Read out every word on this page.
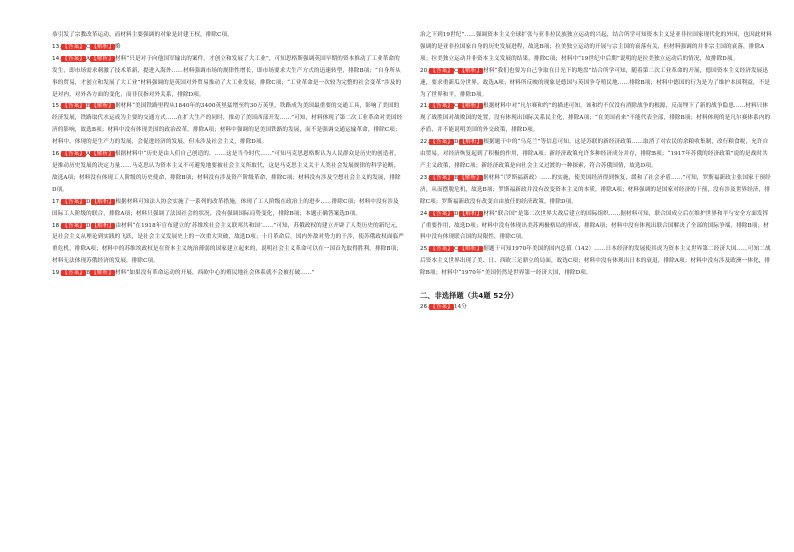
恭引发了宗教改革运动，而材料主要强调的对象是封建王权，排除C项。

13.【答案】C【解析】略

14.【答案】A【解析】材料“只是对于向他国军输出的案件，才创立和发展了大工业”，可知思格斯强调英国早期的资本推动了工业革命的发生，即市场需求刺激了技术革新，提进入海外……材料强调市场的规律性增长，即市场要求大生产方式的迅速转型，排除B项；“自身所从事的贸易，才创立和发展了大工业”材料强调的是英国对外贸易推动了大工业发展，排除C项；“工业革命是一次较为完整的社会变革”涉及的是对内，对外各方面的变化，而非仅指对外关系，排除D项。

15.【答案】B【解析】据材料“美国铁路里程从1840年的3400英里猛增至约30万英里，铁路成为美国最重要的交通工具，影响了美国的经济发展，铁路取代水运成为主要的交通方式……在扩大生产的同时，推动了美国西部开发……”可知，材料体现了第二次工业革命对美国经济的影响，故选B项；材料中没有体现美国的政治改革，排除A项；材料中强调的是美国铁路的发展，而不是强调交通运输革命，排除C项；材料中，体现的是生产力的发展，会促进经济的发展，但未涉及社会主义，排除D项。

16.【答案】A【解析】根据材料中“历史是由人们自己创造的，……这是当今时代……”可知马克思恩格斯认为人民群众是历史的创造者，是推动历史发展的决定力量……马克思认为资本主义不可避免地要被社会主义所取代，这是马克思主义关于人类社会发展规律的科学论断，故选A项；材料没有体现工人阶级的历史使命，排除B项；材料没有涉及资产阶级革命，排除C项；材料没有涉及空想社会主义的发展，排除D项。

17.【答案】D【解析】根据材料可知法人协会实施了一系列的改革措施，体现了工人阶级在政治上的进步……排除C项；材料中没有涉及国际工人阶级的联合，排除A项；材料只强调了法国社会的状况，没有强调国际局势变化，排除B项；本题正确答案选D项。

18.【答案】D【解析】由材料“在1918年宣布建立的‘苏维埃社会主义联邦共和国’……”可知，苏俄政权的建立开辟了人类历史的新纪元，是社会主义从理论到实践的飞跃，是社会主义发展史上的一次重大突破，故选D项；十月革命后，国内外敌对势力的干涉，使苏俄政权面临严重危机，排除A项；材料中的苏维埃政权是在资本主义统治薄弱的国家建立起来的，说明社会主义革命可以在一国首先取得胜利，排除B项；材料无法体现苏俄经济的发展，排除C项。

19.【答案】B【解析】材料“如果没有革命运动的开展，西欧中心的殖民地社会体系就不会被打破……”

治之下到19世纪”……强调资本主义全球扩张与亚非拉民族独立运动的兴起，结合所学可知资本主义是亚非拉国家现代化的外因，也因此材料强调的是亚非拉国家自身的历史发展进程，故选B项；拉美独立运动的开展与宗主国的衰落有关，但材料强调的并非宗主国的衰落，排除A项；拉美独立运动并非资本主义发展的结果，排除C项；材料中“19世纪中后期”说明的是拉美独立运动后的情况，故排除D项。

20.【答案】C【解析】材料“我们也要为自己争取在日光下的地盘”结合所学可知，随着第二次工业革命的开展，德国资本主义经济发展迅速，要求重新瓜分世界，故选A项；材料所反映的现象是德国与英国争夺殖民地……排除B项；材料中德国的行为是为了维护本国利益，不是为了世界和平，排除D项。

21.【答案】C【解析】根据材料中对“凡尔赛和约”的描述可知，该和约不仅没有消除战争的根源，反而埋下了新的战争隐患……材料只体现了战胜国对战败国的处置，没有体现出国际关系民主化，排除A项；“在美国看来”不能代表全部，排除B项；材料体现的是凡尔赛体系内的矛盾，并不能说明美国的外交政策，排除D项。

22.【答案】D【解析】根据题干中的“乌克兰”等信息可知，这是苏联的新经济政策……取消了对农民的余粮收集制，改行粮食税，允许自由贸易，对经济恢复起到了积极的作用，排除A项；新经济政策允许多种经济成分并存，排除B项；“1917年苏俄的经济政策”说的是战时共产主义政策，排除C项；新经济政策是向社会主义过渡的一种探索，符合苏俄国情，故选D项。

23.【答案】B【解析】据材料“（罗斯福新政）……的实施，使美国经济得到恢复，缓和了社会矛盾……”可知，罗斯福新政主张国家干预经济，从而摆脱危机，故选B项；罗斯福新政并没有改变资本主义的本质，排除A项；材料强调的是国家对经济的干预，没有涉及世界经济，排除C项；罗斯福新政没有改变自由放任的经济政策，排除D项。

24.【答案】D【解析】材料“联合国”是第二次世界大战后建立的国际组织……据材料可知，联合国成立后在维护世界和平与安全方面发挥了重要作用，故选D项；材料中没有体现出美苏两极格局的形成，排除A项；材料中没有体现出联合国解决了全部的国际争端，排除B项；材料中没有体现联合国的局限性，排除C项。

25.【答案】C【解析】据题干可知1970年美国的国内总值（142）……日本经济的发展使其成为资本主义世界第二经济大国……可知二战后资本主义世界出现了美、日、西欧三足鼎立的局面，故选C项；材料中没有体现出日本的衰退，排除A项；材料中没有涉及欧洲一体化，排除B项；材料中“1970年”美国仍然是世界第一经济大国，排除D项。

二、非选择题（共4题 52分）

26.【答案】14分
